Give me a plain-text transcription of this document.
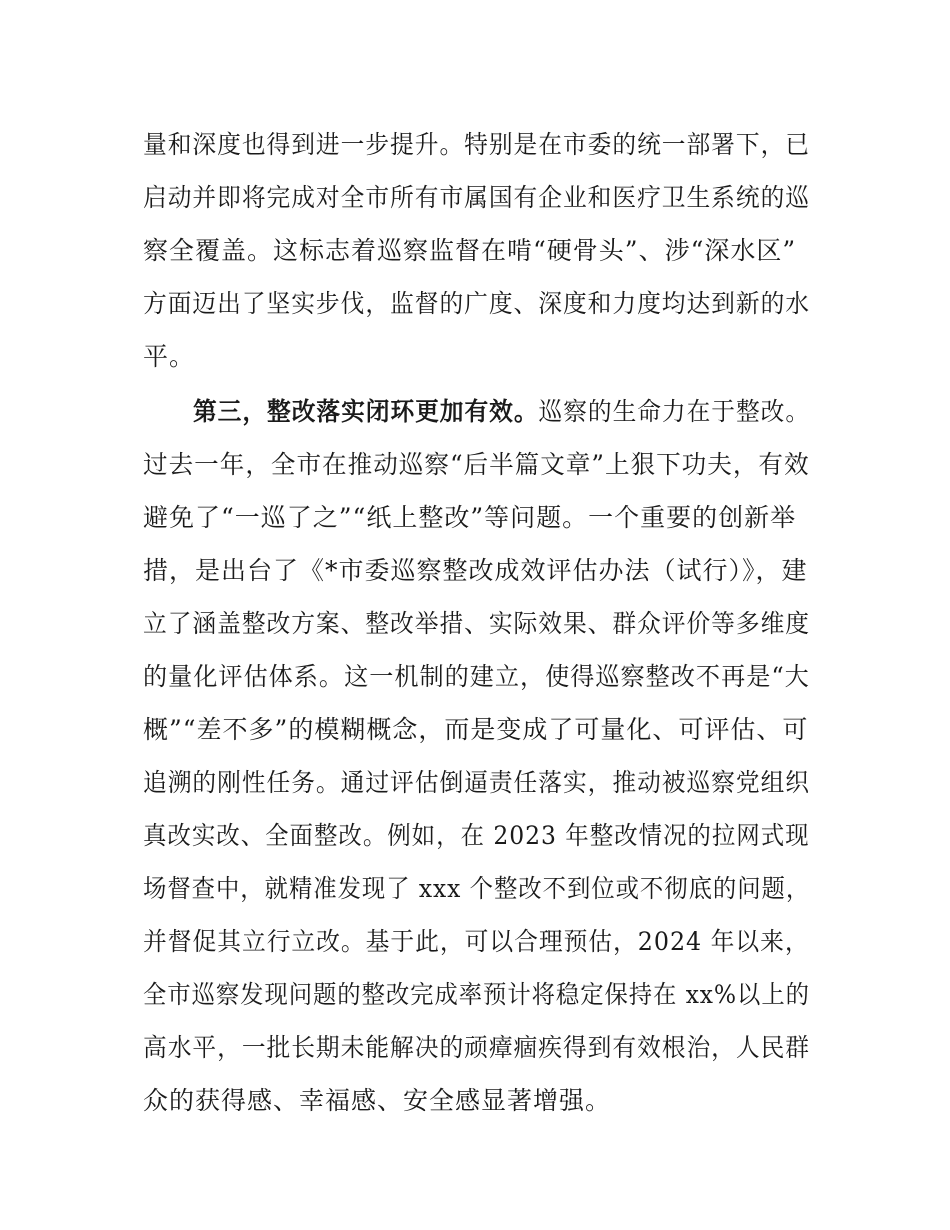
量和深度也得到进一步提升。特别是在市委的统一部署下，已
启动并即将完成对全市所有市属国有企业和医疗卫生系统的巡
察全覆盖。这标志着巡察监督在啃“硬骨头”、涉“深水区”
方面迈出了坚实步伐，监督的广度、深度和力度均达到新的水
平。
第三，整改落实闭环更加有效。巡察的生命力在于整改。
过去一年，全市在推动巡察“后半篇文章”上狠下功夫，有效
避免了“一巡了之”“纸上整改”等问题。一个重要的创新举
措，是出台了《*市委巡察整改成效评估办法（试行）》，建
立了涵盖整改方案、整改举措、实际效果、群众评价等多维度
的量化评估体系。这一机制的建立，使得巡察整改不再是“大
概”“差不多”的模糊概念，而是变成了可量化、可评估、可
追溯的刚性任务。通过评估倒逼责任落实，推动被巡察党组织
真改实改、全面整改。例如，在 2023 年整改情况的拉网式现
场督查中，就精准发现了 xxx 个整改不到位或不彻底的问题，
并督促其立行立改。基于此，可以合理预估，2024 年以来，
全市巡察发现问题的整改完成率预计将稳定保持在 xx%以上的
高水平，一批长期未能解决的顽瘴痼疾得到有效根治，人民群
众的获得感、幸福感、安全感显著增强。
